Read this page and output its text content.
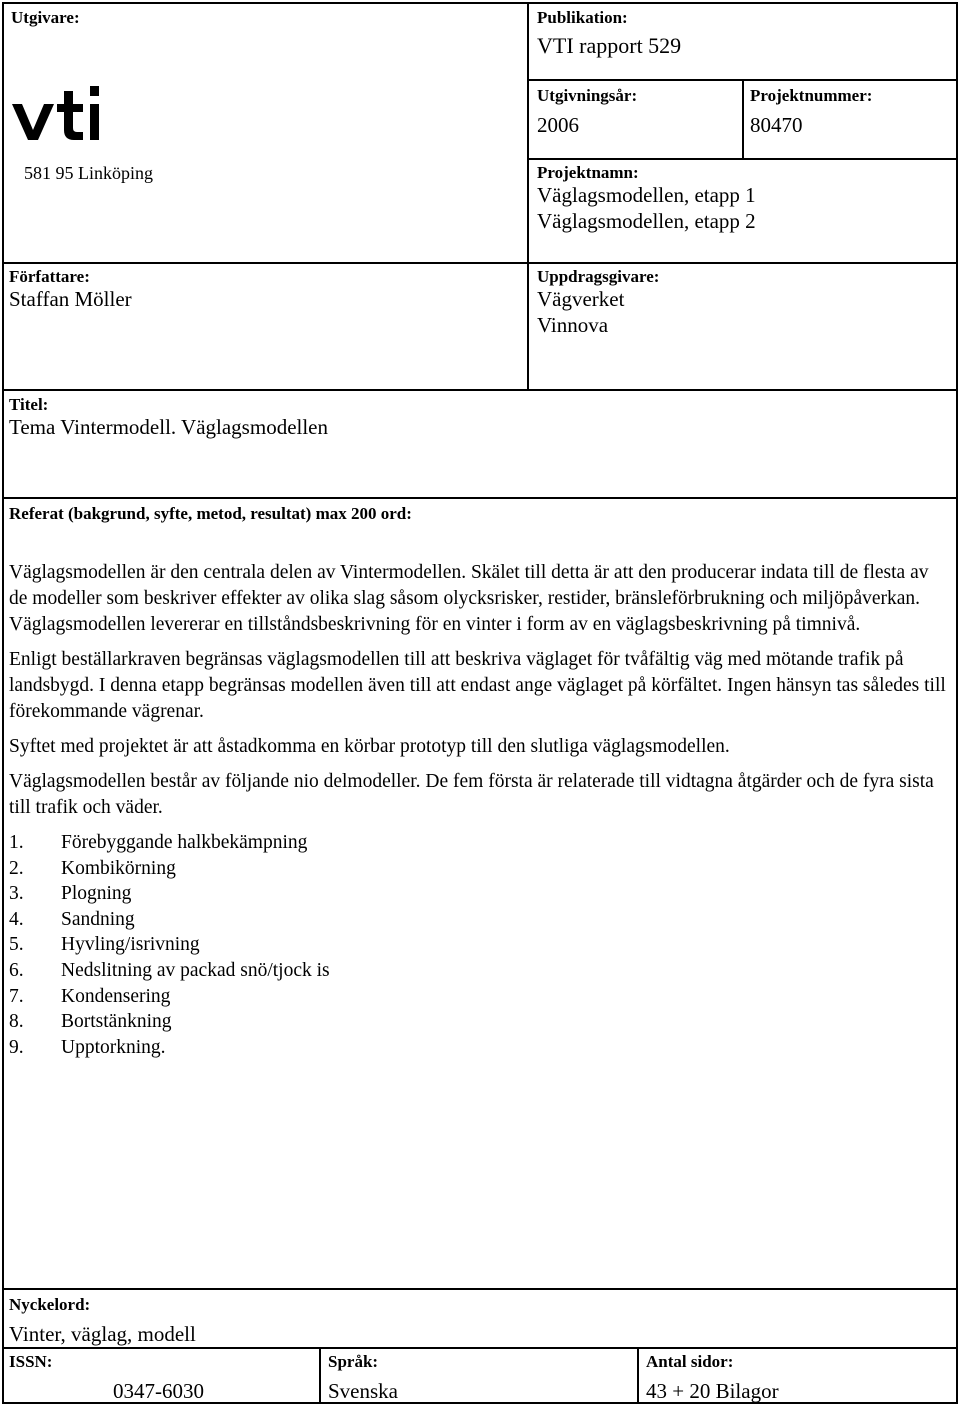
Utgivare:
581 95 Linköping
Publikation:
VTI rapport 529
Utgivningsår:
2006
Projektnummer:
80470
Projektnamn:
Väglagsmodellen, etapp 1
Väglagsmodellen, etapp 2
Författare:
Staffan Möller
Uppdragsgivare:
Vägverket
Vinnova
Titel:
Tema Vintermodell. Väglagsmodellen
Referat (bakgrund, syfte, metod, resultat) max 200 ord:

Väglagsmodellen är den centrala delen av Vintermodellen. Skälet till detta är att den producerar indata till de flesta av de modeller som beskriver effekter av olika slag såsom olycksrisker, restider, bränsleförbrukning och miljöpåverkan. Väglagsmodellen levererar en tillståndsbeskrivning för en vinter i form av en väglagsbeskrivning på timnivå.

Enligt beställarkraven begränsas väglagsmodellen till att beskriva väglaget för tvåfältig väg med mötande trafik på landsbygd. I denna etapp begränsas modellen även till att endast ange väglaget på körfältet. Ingen hänsyn tas således till förekommande vägrenar.

Syftet med projektet är att åstadkomma en körbar prototyp till den slutliga väglagsmodellen.

Väglagsmodellen består av följande nio delmodeller. De fem första är relaterade till vidtagna åtgärder och de fyra sista till trafik och väder.

1. Förebyggande halkbekämpning
2. Kombikörning
3. Plogning
4. Sandning
5. Hyvling/isrivning
6. Nedslitning av packad snö/tjock is
7. Kondensering
8. Bortstänkning
9. Upptorkning.
Nyckelord:
Vinter, väglag, modell
ISSN:
0347-6030
Språk:
Svenska
Antal sidor:
43 + 20 Bilagor
